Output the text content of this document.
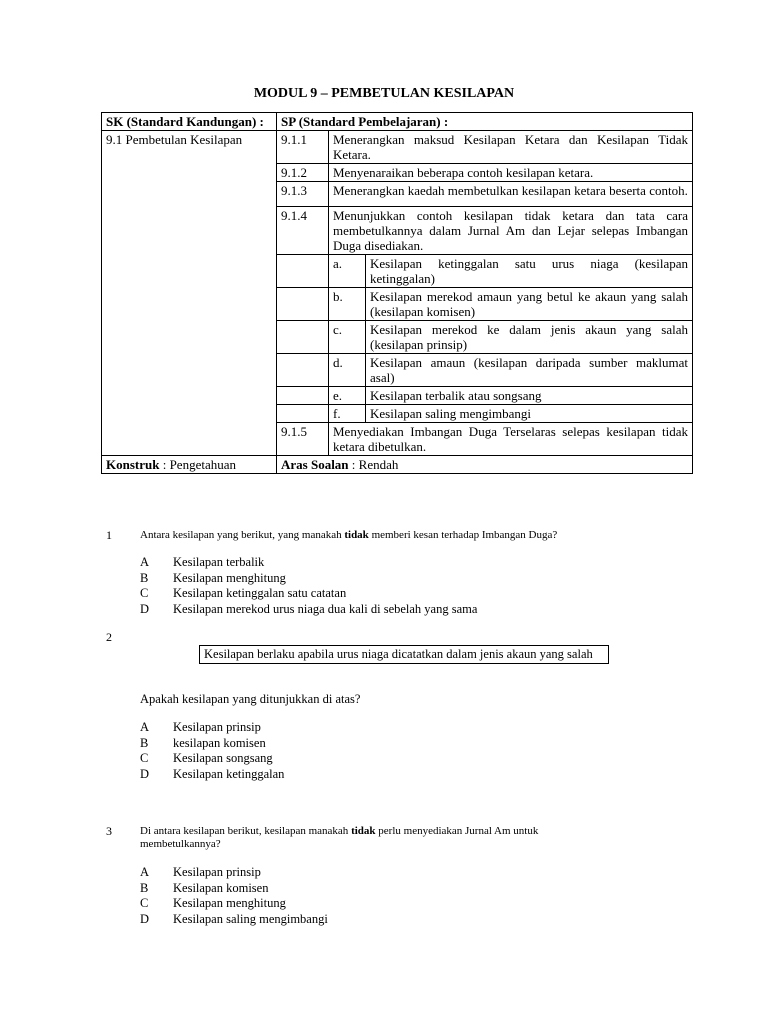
MODUL 9 – PEMBETULAN KESILAPAN
SK (Standard Kandungan) :	SP (Standard Pembelajaran) :		
9.1 Pembetulan Kesilapan	9.1.1	Menerangkan maksud Kesilapan Ketara dan Kesilapan Tidak Ketara.	
	9.1.2	Menyenaraikan beberapa contoh kesilapan ketara.	
	9.1.3	Menerangkan kaedah membetulkan kesilapan ketara beserta contoh.	
	9.1.4	Menunjukkan contoh kesilapan tidak ketara dan tata cara membetulkannya dalam Jurnal Am dan Lejar selepas Imbangan Duga disediakan.	
		a.	Kesilapan ketinggalan satu urus niaga (kesilapan ketinggalan)
		b.	Kesilapan merekod amaun yang betul ke akaun yang salah (kesilapan komisen)
		c.	Kesilapan merekod ke dalam jenis akaun yang salah (kesilapan prinsip)
		d.	Kesilapan amaun (kesilapan daripada sumber maklumat asal)
		e.	Kesilapan terbalik atau songsang
		f.	Kesilapan saling mengimbangi
	9.1.5	Menyediakan Imbangan Duga Terselaras selepas kesilapan tidak ketara dibetulkan.	
Konstruk : Pengetahuan	Aras Soalan : Rendah		
1	Antara kesilapan yang berikut, yang manakah tidak memberi kesan terhadap Imbangan Duga?
A	Kesilapan terbalik
B	Kesilapan menghitung
C	Kesilapan ketinggalan satu catatan
D	Kesilapan merekod urus niaga dua kali di sebelah yang sama
2
Kesilapan berlaku apabila urus niaga dicatatkan dalam jenis akaun yang salah
Apakah kesilapan yang ditunjukkan di atas?
A	Kesilapan prinsip
B	kesilapan komisen
C	Kesilapan songsang
D	Kesilapan ketinggalan
3	Di antara kesilapan berikut, kesilapan manakah tidak perlu menyediakan Jurnal Am untuk
membetulkannya?
A	Kesilapan prinsip
B	Kesilapan komisen
C	Kesilapan menghitung
D	Kesilapan saling mengimbangi
